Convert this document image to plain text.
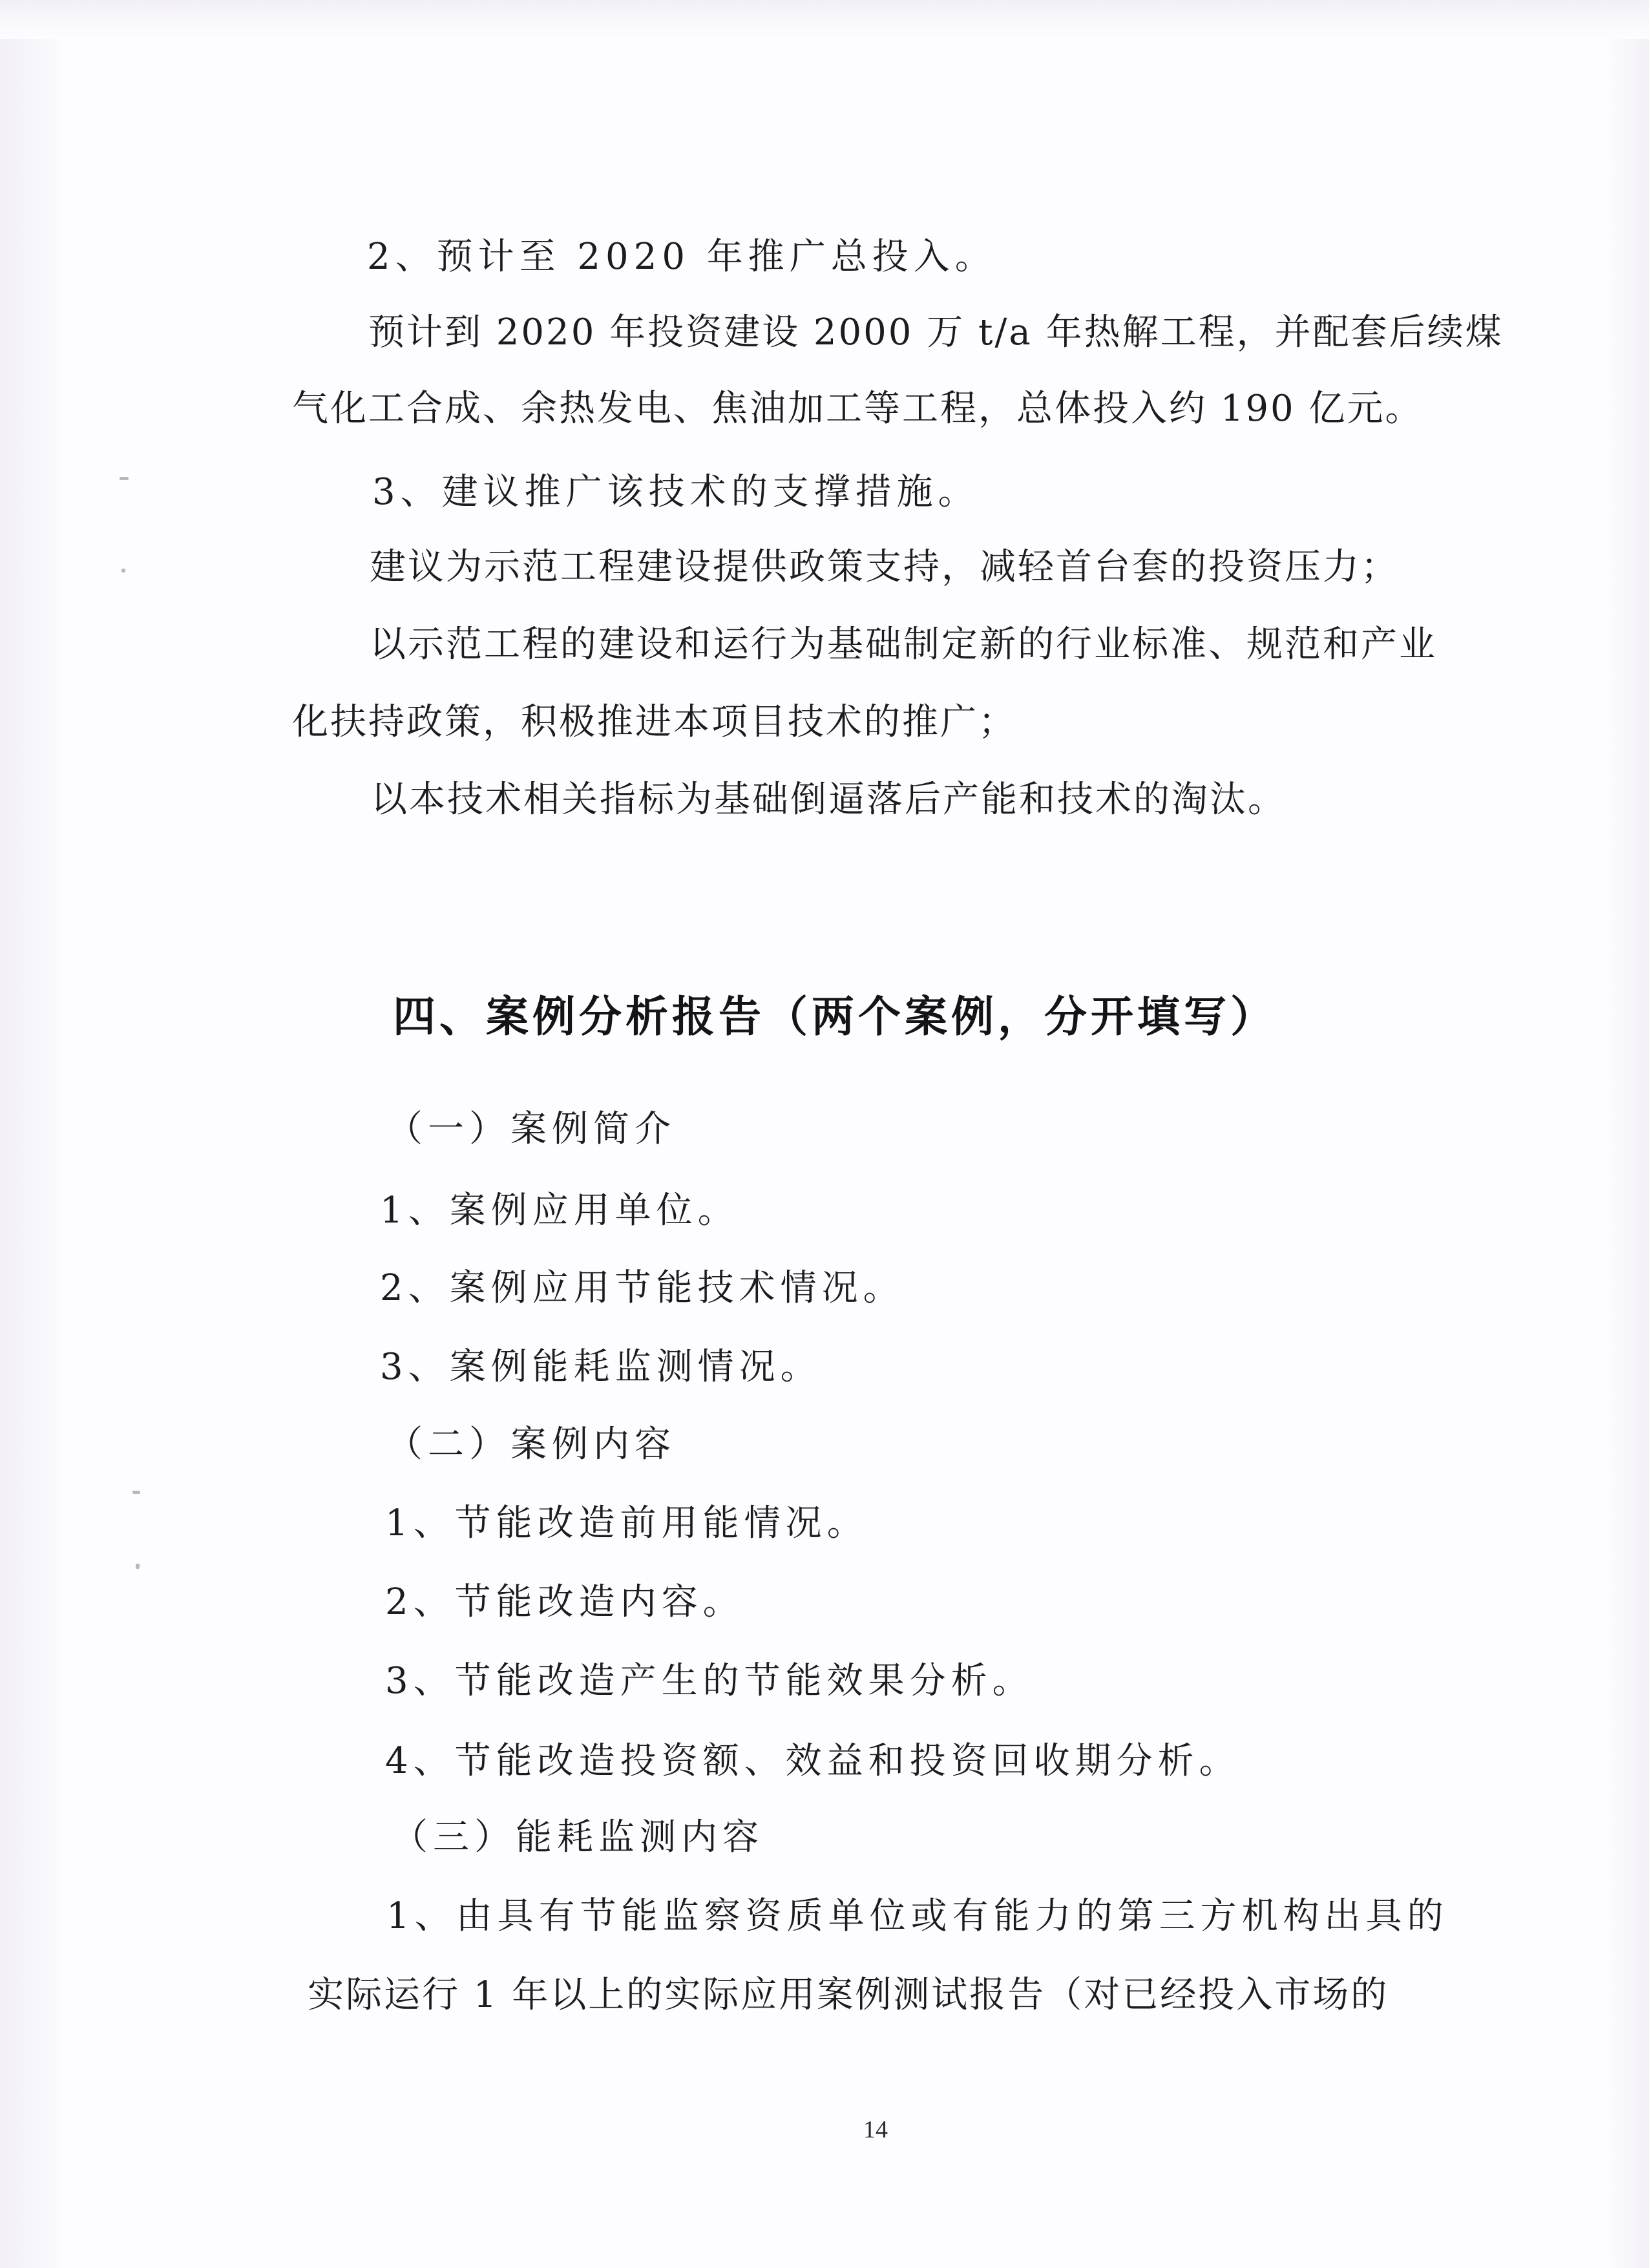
2、预计至 2020 年推广总投入。
预计到 2020 年投资建设 2000 万 t/a 年热解工程，并配套后续煤
气化工合成、余热发电、焦油加工等工程，总体投入约 190 亿元。
3、建议推广该技术的支撑措施。
建议为示范工程建设提供政策支持，减轻首台套的投资压力；
以示范工程的建设和运行为基础制定新的行业标准、规范和产业
化扶持政策，积极推进本项目技术的推广；
以本技术相关指标为基础倒逼落后产能和技术的淘汰。
四、案例分析报告（两个案例，分开填写）
（一）案例简介
1、案例应用单位。
2、案例应用节能技术情况。
3、案例能耗监测情况。
（二）案例内容
1、节能改造前用能情况。
2、节能改造内容。
3、节能改造产生的节能效果分析。
4、节能改造投资额、效益和投资回收期分析。
（三）能耗监测内容
1、由具有节能监察资质单位或有能力的第三方机构出具的
实际运行 1 年以上的实际应用案例测试报告（对已经投入市场的
14
